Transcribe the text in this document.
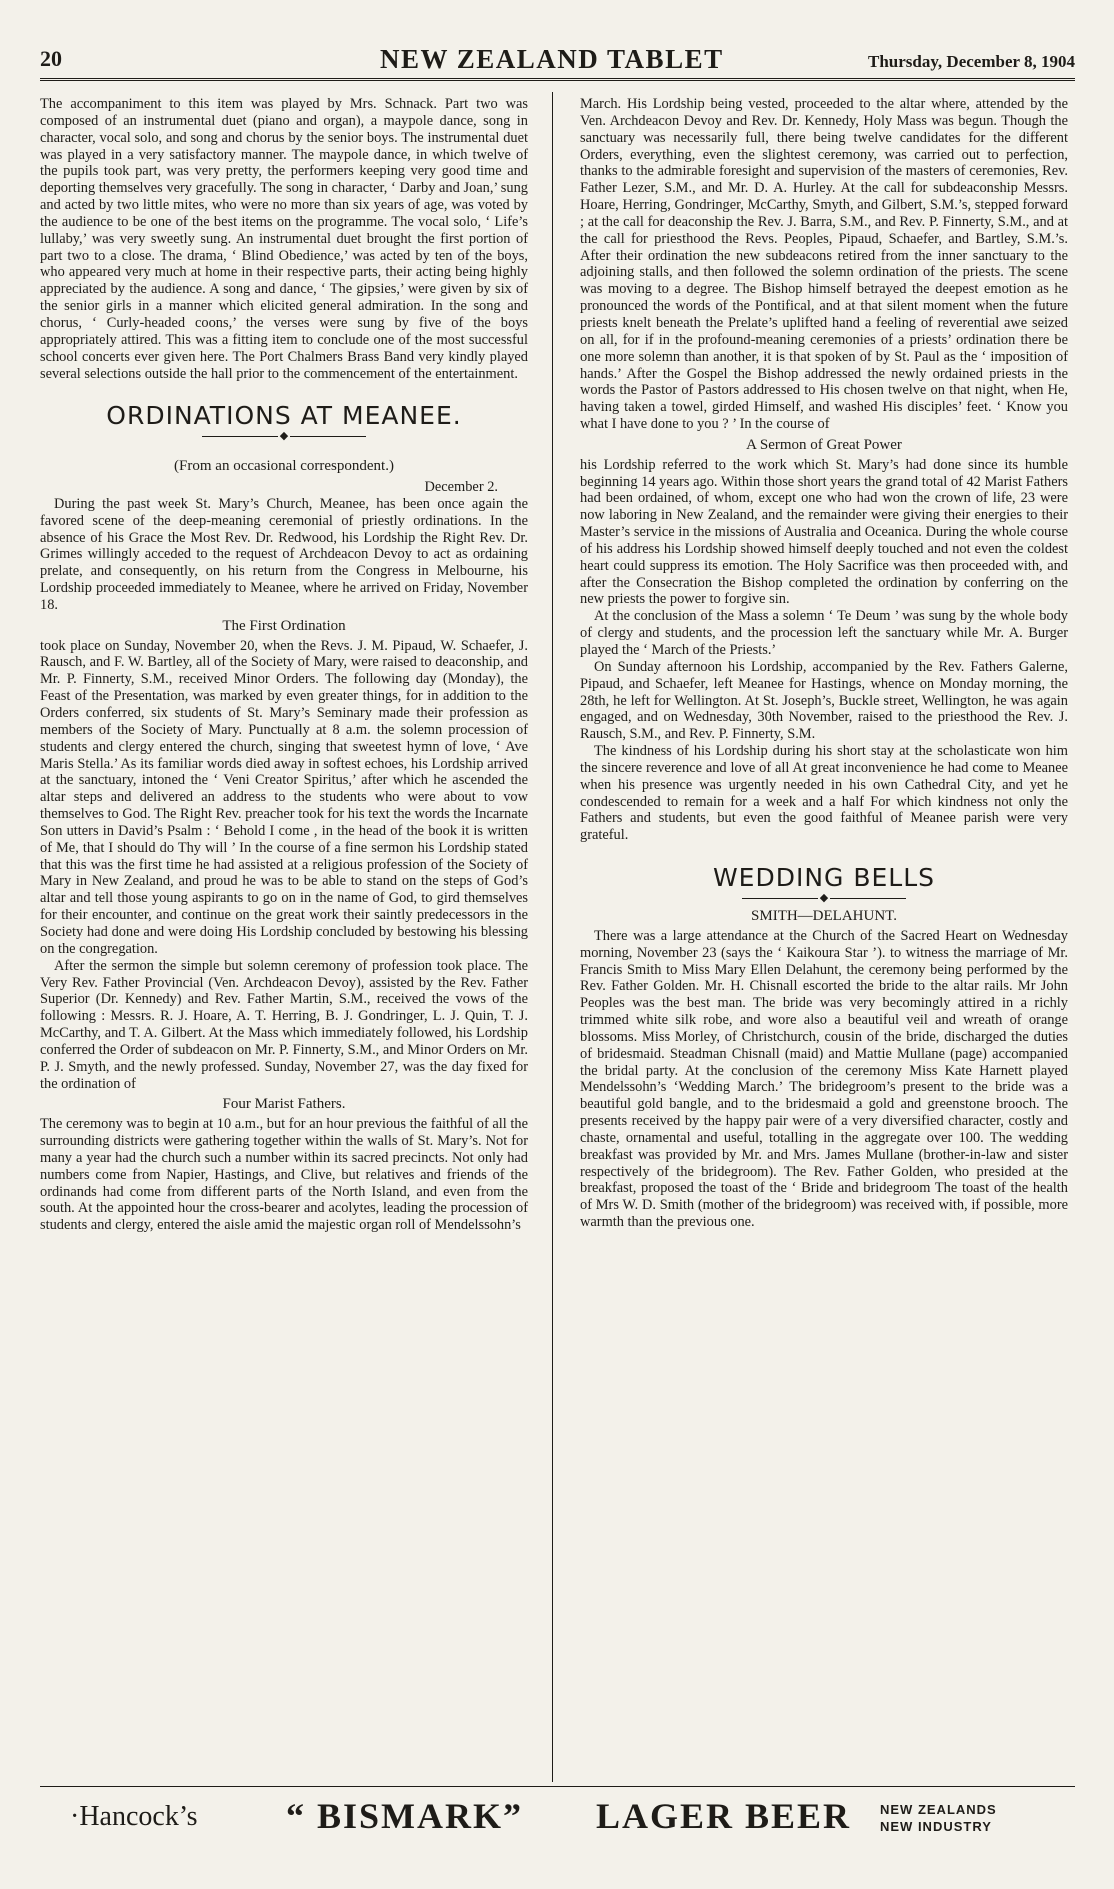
20	NEW ZEALAND TABLET	Thursday, December 8, 1904

The accompaniment to this item was played by Mrs. Schnack. Part two was composed of an instrumental duet (piano and organ), a maypole dance, song in character, vocal solo, and song and chorus by the senior boys. The instrumental duet was played in a very satisfactory manner. The maypole dance, in which twelve of the pupils took part, was very pretty, the performers keeping very good time and deporting themselves very gracefully. The song in character, ‘ Darby and Joan,’ sung and acted by two little mites, who were no more than six years of age, was voted by the audience to be one of the best items on the programme. The vocal solo, ‘ Life’s lullaby,’ was very sweetly sung. An instrumental duet brought the first portion of part two to a close. The drama, ‘ Blind Obedience,’ was acted by ten of the boys, who appeared very much at home in their respective parts, their acting being highly appreciated by the audience. A song and dance, ‘ The gipsies,’ were given by six of the senior girls in a manner which elicited general admiration. In the song and chorus, ‘ Curly-headed coons,’ the verses were sung by five of the boys appropriately attired. This was a fitting item to conclude one of the most successful school concerts ever given here. The Port Chalmers Brass Band very kindly played several selections outside the hall prior to the commencement of the entertainment.

ORDINATIONS AT MEANEE.
◆
(From an occasional correspondent.)
December 2.

During the past week St. Mary’s Church, Meanee, has been once again the favored scene of the deep-meaning ceremonial of priestly ordinations. In the absence of his Grace the Most Rev. Dr. Redwood, his Lordship the Right Rev. Dr. Grimes willingly acceded to the request of Archdeacon Devoy to act as ordaining prelate, and consequently, on his return from the Congress in Melbourne, his Lordship proceeded immediately to Meanee, where he arrived on Friday, November 18.

The First Ordination

took place on Sunday, November 20, when the Revs. J. M. Pipaud, W. Schaefer, J. Rausch, and F. W. Bartley, all of the Society of Mary, were raised to deaconship, and Mr. P. Finnerty, S.M., received Minor Orders. The following day (Monday), the Feast of the Presentation, was marked by even greater things, for in addition to the Orders conferred, six students of St. Mary’s Seminary made their profession as members of the Society of Mary. Punctually at 8 a.m. the solemn procession of students and clergy entered the church, singing that sweetest hymn of love, ‘ Ave Maris Stella.’ As its familiar words died away in softest echoes, his Lordship arrived at the sanctuary, intoned the ‘ Veni Creator Spiritus,’ after which he ascended the altar steps and delivered an address to the students who were about to vow themselves to God. The Right Rev. preacher took for his text the words the Incarnate Son utters in David’s Psalm : ‘ Behold I come , in the head of the book it is written of Me, that I should do Thy will ’ In the course of a fine sermon his Lordship stated that this was the first time he had assisted at a religious profession of the Society of Mary in New Zealand, and proud he was to be able to stand on the steps of God’s altar and tell those young aspirants to go on in the name of God, to gird themselves for their encounter, and continue on the great work their saintly predecessors in the Society had done and were doing His Lordship concluded by bestowing his blessing on the congregation.

After the sermon the simple but solemn ceremony of profession took place. The Very Rev. Father Provincial (Ven. Archdeacon Devoy), assisted by the Rev. Father Superior (Dr. Kennedy) and Rev. Father Martin, S.M., received the vows of the following : Messrs. R. J. Hoare, A. T. Herring, B. J. Gondringer, L. J. Quin, T. J. McCarthy, and T. A. Gilbert. At the Mass which immediately followed, his Lordship conferred the Order of subdeacon on Mr. P. Finnerty, S.M., and Minor Orders on Mr. P. J. Smyth, and the newly professed. Sunday, November 27, was the day fixed for the ordination of

Four Marist Fathers.

The ceremony was to begin at 10 a.m., but for an hour previous the faithful of all the surrounding districts were gathering together within the walls of St. Mary’s. Not for many a year had the church such a number within its sacred precincts. Not only had numbers come from Napier, Hastings, and Clive, but relatives and friends of the ordinands had come from different parts of the North Island, and even from the south. At the appointed hour the cross-bearer and acolytes, leading the procession of students and clergy, entered the aisle amid the majestic organ roll of Mendelssohn’s

March. His Lordship being vested, proceeded to the altar where, attended by the Ven. Archdeacon Devoy and Rev. Dr. Kennedy, Holy Mass was begun. Though the sanctuary was necessarily full, there being twelve candidates for the different Orders, everything, even the slightest ceremony, was carried out to perfection, thanks to the admirable foresight and supervision of the masters of ceremonies, Rev. Father Lezer, S.M., and Mr. D. A. Hurley. At the call for subdeaconship Messrs. Hoare, Herring, Gondringer, McCarthy, Smyth, and Gilbert, S.M.’s, stepped forward ; at the call for deaconship the Rev. J. Barra, S.M., and Rev. P. Finnerty, S.M., and at the call for priesthood the Revs. Peoples, Pipaud, Schaefer, and Bartley, S.M.’s. After their ordination the new subdeacons retired from the inner sanctuary to the adjoining stalls, and then followed the solemn ordination of the priests. The scene was moving to a degree. The Bishop himself betrayed the deepest emotion as he pronounced the words of the Pontifical, and at that silent moment when the future priests knelt beneath the Prelate’s uplifted hand a feeling of reverential awe seized on all, for if in the profound-meaning ceremonies of a priests’ ordination there be one more solemn than another, it is that spoken of by St. Paul as the ‘ imposition of hands.’ After the Gospel the Bishop addressed the newly ordained priests in the words the Pastor of Pastors addressed to His chosen twelve on that night, when He, having taken a towel, girded Himself, and washed His disciples’ feet. ‘ Know you what I have done to you ? ’ In the course of

A Sermon of Great Power

his Lordship referred to the work which St. Mary’s had done since its humble beginning 14 years ago. Within those short years the grand total of 42 Marist Fathers had been ordained, of whom, except one who had won the crown of life, 23 were now laboring in New Zealand, and the remainder were giving their energies to their Master’s service in the missions of Australia and Oceanica. During the whole course of his address his Lordship showed himself deeply touched and not even the coldest heart could suppress its emotion. The Holy Sacrifice was then proceeded with, and after the Consecration the Bishop completed the ordination by conferring on the new priests the power to forgive sin.

At the conclusion of the Mass a solemn ‘ Te Deum ’ was sung by the whole body of clergy and students, and the procession left the sanctuary while Mr. A. Burger played the ‘ March of the Priests.’

On Sunday afternoon his Lordship, accompanied by the Rev. Fathers Galerne, Pipaud, and Schaefer, left Meanee for Hastings, whence on Monday morning, the 28th, he left for Wellington. At St. Joseph’s, Buckle street, Wellington, he was again engaged, and on Wednesday, 30th November, raised to the priesthood the Rev. J. Rausch, S.M., and Rev. P. Finnerty, S.M.

The kindness of his Lordship during his short stay at the scholasticate won him the sincere reverence and love of all At great inconvenience he had come to Meanee when his presence was urgently needed in his own Cathedral City, and yet he condescended to remain for a week and a half For which kindness not only the Fathers and students, but even the good faithful of Meanee parish were very grateful.

WEDDING BELLS
◆
SMITH—DELAHUNT.

There was a large attendance at the Church of the Sacred Heart on Wednesday morning, November 23 (says the ‘ Kaikoura Star ’). to witness the marriage of Mr. Francis Smith to Miss Mary Ellen Delahunt, the ceremony being performed by the Rev. Father Golden. Mr. H. Chisnall escorted the bride to the altar rails. Mr John Peoples was the best man. The bride was very becomingly attired in a richly trimmed white silk robe, and wore also a beautiful veil and wreath of orange blossoms. Miss Morley, of Christchurch, cousin of the bride, discharged the duties of bridesmaid. Steadman Chisnall (maid) and Mattie Mullane (page) accompanied the bridal party. At the conclusion of the ceremony Miss Kate Harnett played Mendelssohn’s ‘Wedding March.’ The bridegroom’s present to the bride was a beautiful gold bangle, and to the bridesmaid a gold and greenstone brooch. The presents received by the happy pair were of a very diversified character, costly and chaste, ornamental and useful, totalling in the aggregate over 100. The wedding breakfast was provided by Mr. and Mrs. James Mullane (brother-in-law and sister respectively of the bridegroom). The Rev. Father Golden, who presided at the breakfast, proposed the toast of the ‘ Bride and bridegroom The toast of the health of Mrs W. D. Smith (mother of the bridegroom) was received with, if possible, more warmth than the previous one.

·Hancock’s “ BISMARK” LAGER BEER NEW ZEALANDS
NEW INDUSTRY
